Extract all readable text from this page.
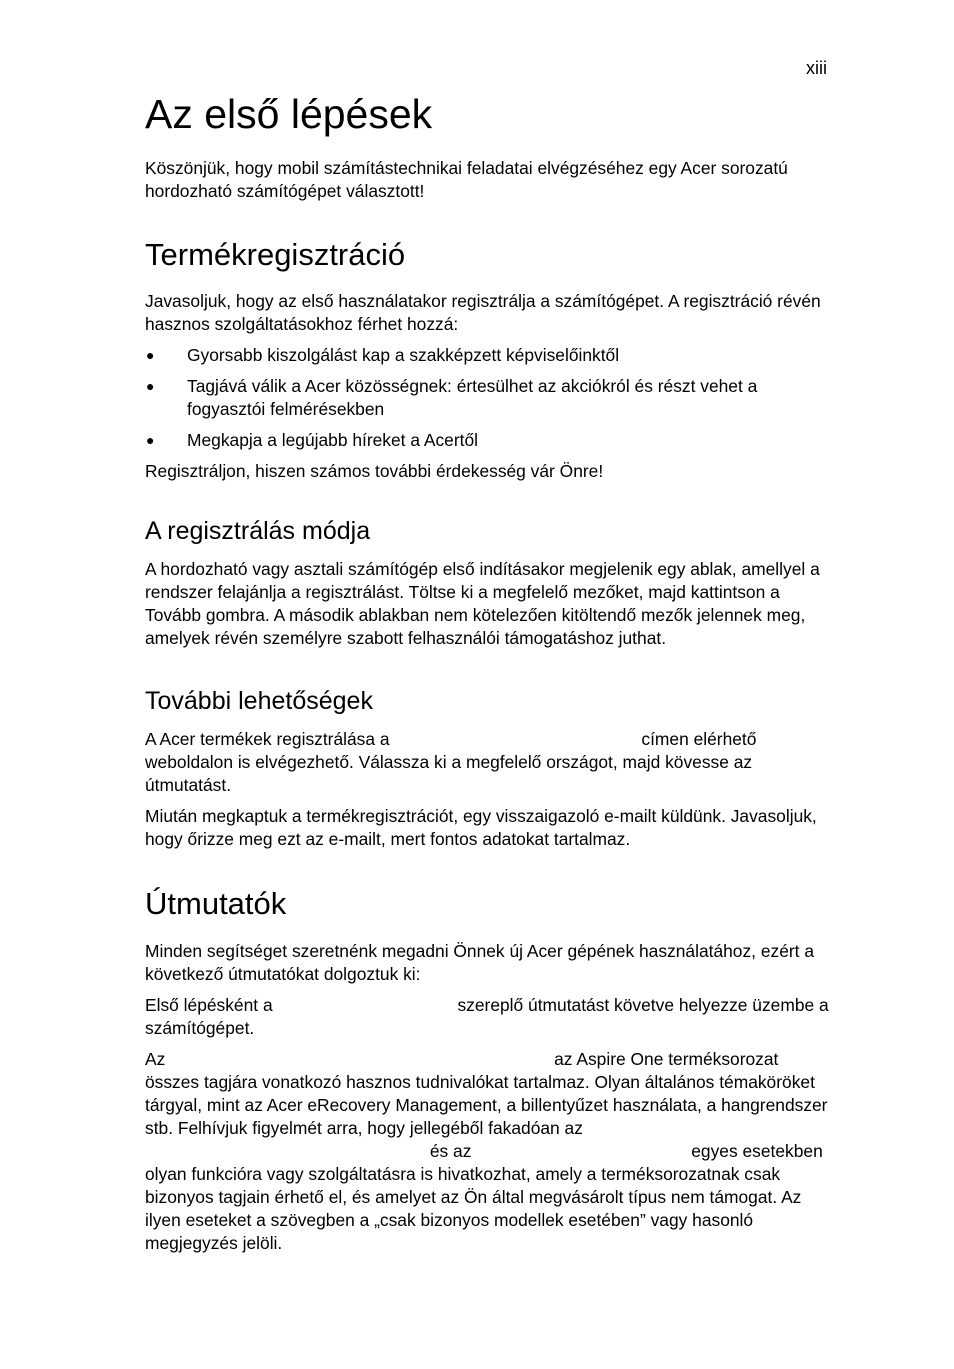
xiii
Az első lépések

Köszönjük, hogy mobil számítástechnikai feladatai elvégzéséhez egy Acer sorozatú hordozható számítógépet választott!

Termékregisztráció

Javasoljuk, hogy az első használatakor regisztrálja a számítógépet. A regisztráció révén hasznos szolgáltatásokhoz férhet hozzá:

● Gyorsabb kiszolgálást kap a szakképzett képviselőinktől
● Tagjává válik a Acer közösségnek: értesülhet az akciókról és részt vehet a fogyasztói felmérésekben
● Megkapja a legújabb híreket a Acertől

Regisztráljon, hiszen számos további érdekesség vár Önre!

A regisztrálás módja

A hordozható vagy asztali számítógép első indításakor megjelenik egy ablak, amellyel a rendszer felajánlja a regisztrálást. Töltse ki a megfelelő mezőket, majd kattintson a Tovább gombra. A második ablakban nem kötelezően kitöltendő mezők jelennek meg, amelyek révén személyre szabott felhasználói támogatáshoz juthat.

További lehetőségek

A Acer termékek regisztrálása a	címen elérhető weboldalon is elvégezhető. Válassza ki a megfelelő országot, majd kövesse az útmutatást.

Miután megkaptuk a termékregisztrációt, egy visszaigazoló e-mailt küldünk. Javasoljuk, hogy őrizze meg ezt az e-mailt, mert fontos adatokat tartalmaz.

Útmutatók

Minden segítséget szeretnénk megadni Önnek új Acer gépének használatához, ezért a következő útmutatókat dolgoztuk ki:

Első lépésként a	szereplő útmutatást követve helyezze üzembe a számítógépet.

Az	az Aspire One terméksorozat összes tagjára vonatkozó hasznos tudnivalókat tartalmaz. Olyan általános témaköröket tárgyal, mint az Acer eRecovery Management, a billentyűzet használata, a hangrendszer stb. Felhívjuk figyelmét arra, hogy jellegéből fakadóan az és az	egyes esetekben olyan funkcióra vagy szolgáltatásra is hivatkozhat, amely a terméksorozatnak csak bizonyos tagjain érhető el, és amelyet az Ön által megvásárolt típus nem támogat. Az ilyen eseteket a szövegben a „csak bizonyos modellek esetében” vagy hasonló megjegyzés jelöli.
